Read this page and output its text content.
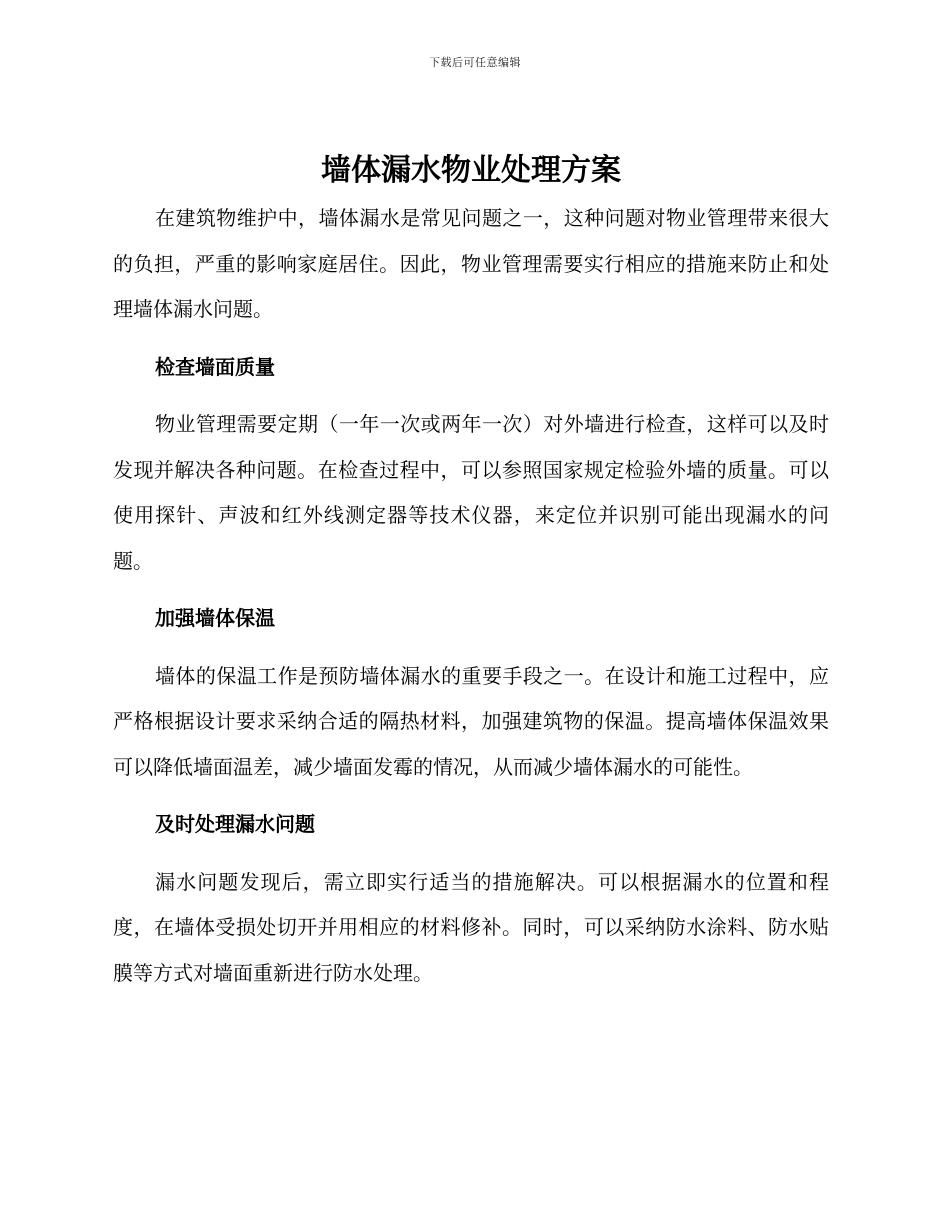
下载后可任意编辑
墙体漏水物业处理方案

在建筑物维护中，墙体漏水是常见问题之一，这种问题对物业管理带来很大的负担，严重的影响家庭居住。因此，物业管理需要实行相应的措施来防止和处理墙体漏水问题。

检查墙面质量

物业管理需要定期（一年一次或两年一次）对外墙进行检查，这样可以及时发现并解决各种问题。在检查过程中，可以参照国家规定检验外墙的质量。可以使用探针、声波和红外线测定器等技术仪器，来定位并识别可能出现漏水的问题。

加强墙体保温

墙体的保温工作是预防墙体漏水的重要手段之一。在设计和施工过程中，应严格根据设计要求采纳合适的隔热材料，加强建筑物的保温。提高墙体保温效果可以降低墙面温差，减少墙面发霉的情况，从而减少墙体漏水的可能性。

及时处理漏水问题

漏水问题发现后，需立即实行适当的措施解决。可以根据漏水的位置和程度，在墙体受损处切开并用相应的材料修补。同时，可以采纳防水涂料、防水贴膜等方式对墙面重新进行防水处理。
